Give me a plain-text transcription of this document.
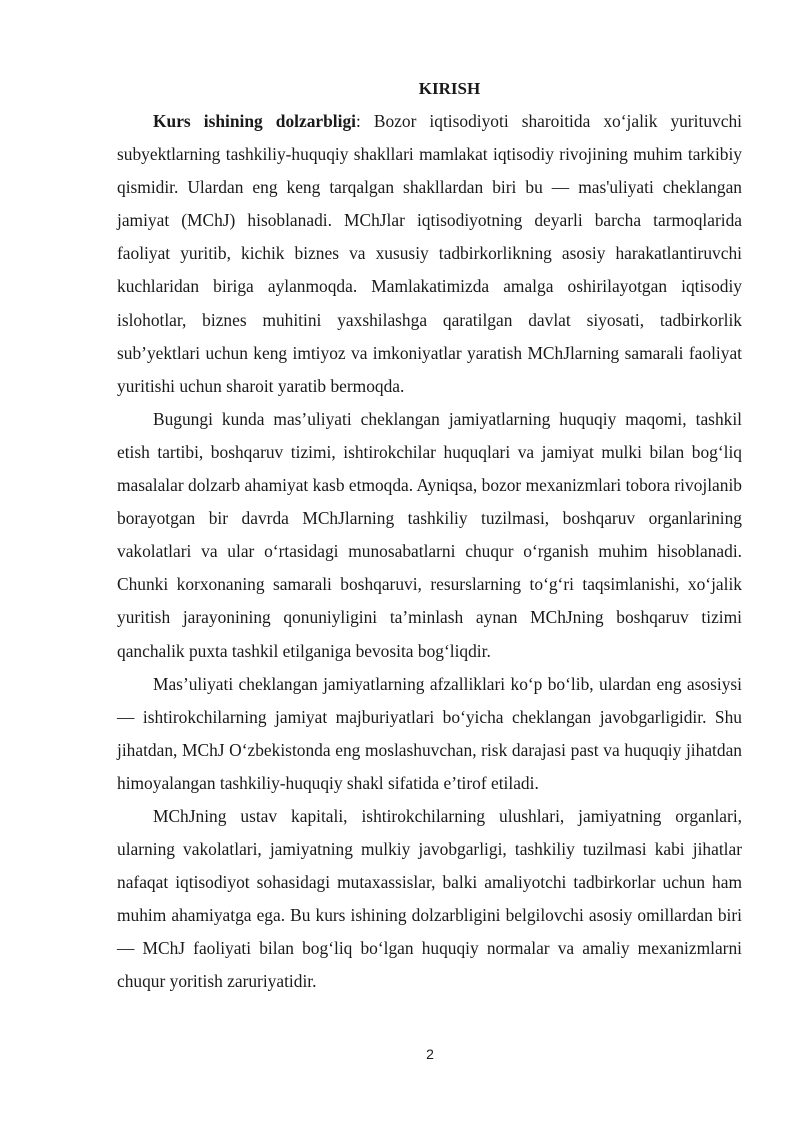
KIRISH

Kurs ishining dolzarbligi: Bozor iqtisodiyoti sharoitida xo‘jalik yurituvchi subyektlarning tashkiliy-huquqiy shakllari mamlakat iqtisodiy rivojining muhim tarkibiy qismidir. Ulardan eng keng tarqalgan shakllardan biri bu — mas'uliyati cheklangan jamiyat (MChJ) hisoblanadi. MChJlar iqtisodiyotning deyarli barcha tarmoqlarida faoliyat yuritib, kichik biznes va xususiy tadbirkorlikning asosiy harakatlantiruvchi kuchlaridan biriga aylanmoqda. Mamlakatimizda amalga oshirilayotgan iqtisodiy islohotlar, biznes muhitini yaxshilashga qaratilgan davlat siyosati, tadbirkorlik sub’yektlari uchun keng imtiyoz va imkoniyatlar yaratish MChJlarning samarali faoliyat yuritishi uchun sharoit yaratib bermoqda.

Bugungi kunda mas’uliyati cheklangan jamiyatlarning huquqiy maqomi, tashkil etish tartibi, boshqaruv tizimi, ishtirokchilar huquqlari va jamiyat mulki bilan bog‘liq masalalar dolzarb ahamiyat kasb etmoqda. Ayniqsa, bozor mexanizmlari tobora rivojlanib borayotgan bir davrda MChJlarning tashkiliy tuzilmasi, boshqaruv organlarining vakolatlari va ular o‘rtasidagi munosabatlarni chuqur o‘rganish muhim hisoblanadi. Chunki korxonaning samarali boshqaruvi, resurslarning to‘g‘ri taqsimlanishi, xo‘jalik yuritish jarayonining qonuniyligini ta’minlash aynan MChJning boshqaruv tizimi qanchalik puxta tashkil etilganiga bevosita bog‘liqdir.

Mas’uliyati cheklangan jamiyatlarning afzalliklari ko‘p bo‘lib, ulardan eng asosiysi — ishtirokchilarning jamiyat majburiyatlari bo‘yicha cheklangan javobgarligidir. Shu jihatdan, MChJ O‘zbekistonda eng moslashuvchan, risk darajasi past va huquqiy jihatdan himoyalangan tashkiliy-huquqiy shakl sifatida e’tirof etiladi.

MChJning ustav kapitali, ishtirokchilarning ulushlari, jamiyatning organlari, ularning vakolatlari, jamiyatning mulkiy javobgarligi, tashkiliy tuzilmasi kabi jihatlar nafaqat iqtisodiyot sohasidagi mutaxassislar, balki amaliyotchi tadbirkorlar uchun ham muhim ahamiyatga ega. Bu kurs ishining dolzarbligini belgilovchi asosiy omillardan biri — MChJ faoliyati bilan bog‘liq bo‘lgan huquqiy normalar va amaliy mexanizmlarni chuqur yoritish zaruriyatidir.

2
